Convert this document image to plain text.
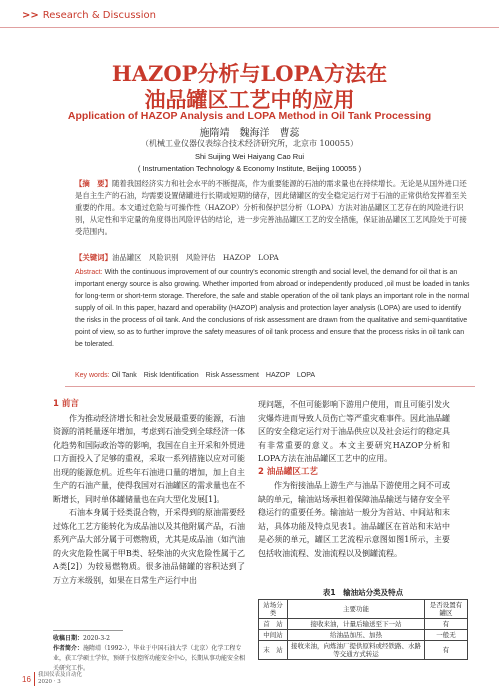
>> Research & Discussion
HAZOP分析与LOPA方法在
油品罐区工艺中的应用
Application of HAZOP Analysis and LOPA Method in Oil Tank Processing
施隋靖　魏海洋　曹蕊
（机械工业仪器仪表综合技术经济研究所，北京市 100055）
Shi Suijing Wei Haiyang Cao Rui
( Instrumentation Technology & Economy Institute, Beijing 100055 )
【摘　要】随着我国经济实力和社会水平的不断提高，作为重要能源的石油的需求量也在持续增长。无论是从国外进口还是自主生产的石油，均需要设置储罐进行长期或短期的储存，因此储罐区的安全稳定运行对于石油的正常供给发挥着至关重要的作用。本文通过危险与可操作性（HAZOP）分析和保护层分析（LOPA）方法对油品罐区工艺存在的风险进行识别，从定性和半定量的角度得出风险评估的结论，进一步完善油品罐区工艺的安全措施，保证油品罐区工艺风险处于可接受范围内。
【关键词】油品罐区　风险识别　风险评估　HAZOP　LOPA
Abstract: With the continuous improvement of our country's economic strength and social level, the demand for oil that is an important energy source is also growing. Whether imported from abroad or independently produced ,oil must be loaded in tanks for long-term or short-term storage. Therefore, the safe and stable operation of the oil tank plays an important role in the normal supply of oil. In this paper, hazard and operability (HAZOP) analysis and protection layer analysis (LOPA) are used to identify the risks in the process of oil tank. And the conclusions of risk assessment are drawn from the qualitative and semi-quantitative point of view, so as to further improve the safety measures of oil tank process and ensure that the process risks in oil tank can be tolerated.
Key words: Oil Tank　Risk Identification　Risk Assessment　HAZOP　LOPA
1 前言

作为推动经济增长和社会发展最重要的能源，石油资源的消耗量逐年增加，考虑到石油受到全球经济一体化趋势和国际政治等的影响，我国在自主开采和外贸进口方面投入了足够的重视，采取一系列措施以应对可能出现的能源危机。近些年石油进口量的增加，加上自主生产的石油产量，使得我国对石油罐区的需求量也在不断增长，同时单体罐储量也在向大型化发展[1]。

石油本身属于烃类混合物，开采得到的原油需要经过炼化工艺方能转化为成品油以及其他附属产品，石油系列产品大部分属于可燃物质，尤其是成品油（如汽油的火灾危险性属于甲B类、轻柴油的火灾危险性属于乙A类[2]）为较易燃物质。很多油品储罐的容积达到了万立方米级别，如果在日常生产运行中出

收稿日期：2020-3-2
作者简介：施隋靖（1992-），毕业于中国石油大学（北京）化学工程专业，获工学硕士学位，预研于仪控所功能安全中心，长期从事功能安全相关研究工作。

现问题，不但可能影响下游用户使用，而且可能引发火灾爆炸进而导致人员伤亡等严重灾难事件。因此油品罐区的安全稳定运行对于油品供应以及社会运行的稳定具有非常重要的意义。本文主要研究HAZOP分析和LOPA方法在油品罐区工艺中的应用。

2 油品罐区工艺

作为衔接油品上游生产与油品下游使用之间不可或缺的单元，输油站场承担着保障油品输送与储存安全平稳运行的重要任务。输油站一般分为首站、中间站和末站，具体功能及特点见表1。油品罐区在首站和末站中是必须的单元，罐区工艺流程示意图如图1所示，主要包括收油流程、发油流程以及倒罐流程。

表1　输油站分类及特点
站场分类	主要功能	是否设置有罐区
首　站	接收来油，计量后输送至下一站	有
中间站	给油品加压、加热	一般无
末　站	接收来油，向炼油厂提供原料或经铁路、水路等交通方式转运	有
16 我国仪表及自动化
2020 · 3
